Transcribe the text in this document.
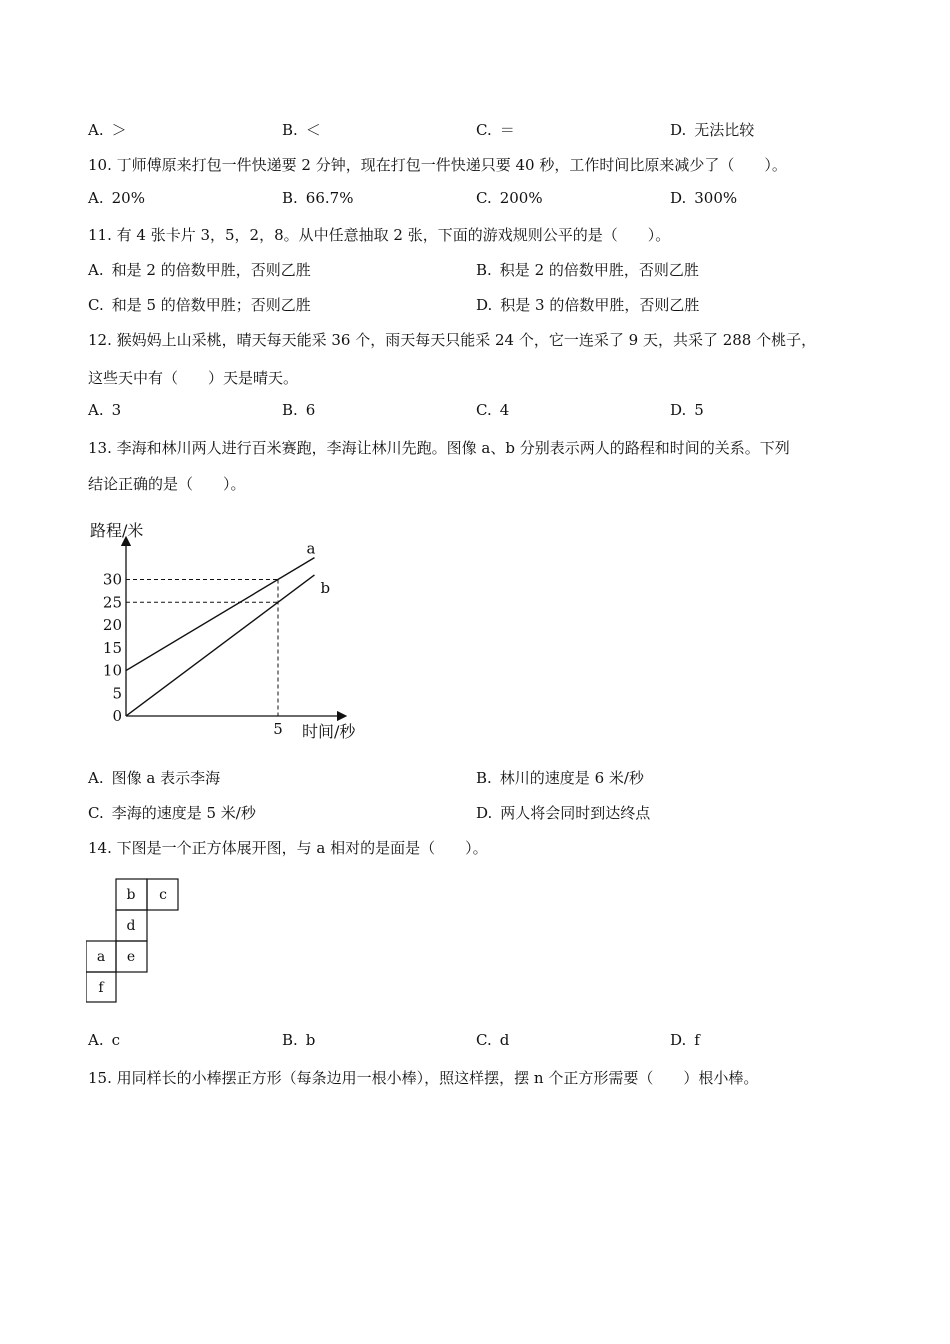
A. ＞	B. ＜	C. ＝	D. 无法比较
10. 丁师傅原来打包一件快递要 2 分钟，现在打包一件快递只要 40 秒，工作时间比原来减少了（　　）。
A. 20%	B. 66.7%	C. 200%	D. 300%
11. 有 4 张卡片 3，5，2，8。从中任意抽取 2 张，下面的游戏规则公平的是（　　）。
A. 和是 2 的倍数甲胜，否则乙胜	B. 积是 2 的倍数甲胜，否则乙胜
C. 和是 5 的倍数甲胜；否则乙胜	D. 积是 3 的倍数甲胜，否则乙胜
12. 猴妈妈上山采桃，晴天每天能采 36 个，雨天每天只能采 24 个，它一连采了 9 天，共采了 288 个桃子，
这些天中有（　　）天是晴天。
A. 3	B. 6	C. 4	D. 5
13. 李海和林川两人进行百米赛跑，李海让林川先跑。图像 a、b 分别表示两人的路程和时间的关系。下列
结论正确的是（　　）。
0
5
10
15
20
25
30
5
路程/米
时间/秒
a
b
A. 图像 a 表示李海	B. 林川的速度是 6 米/秒
C. 李海的速度是 5 米/秒	D. 两人将会同时到达终点
14. 下图是一个正方体展开图，与 a 相对的是面是（　　）。
b c
d
a e
f
A. c	B. b	C. d	D. f
15. 用同样长的小棒摆正方形（每条边用一根小棒），照这样摆，摆 n 个正方形需要（　　）根小棒。
